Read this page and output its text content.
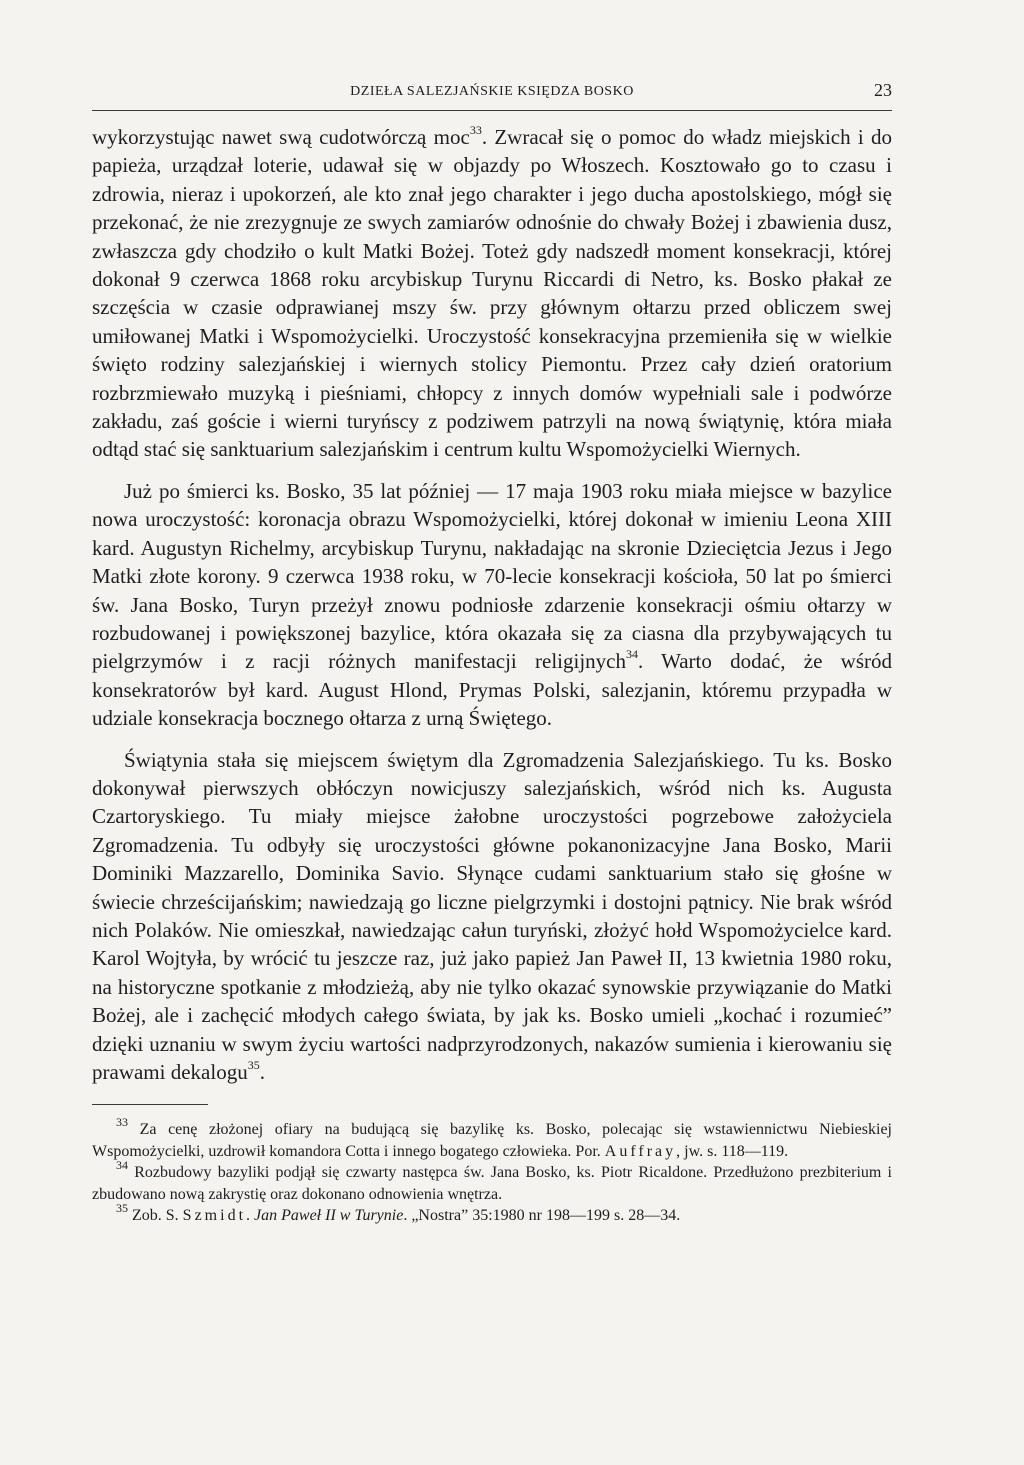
DZIEŁA SALEZJAŃSKIE KSIĘDZA BOSKO	23

wykorzystując nawet swą cudotwórczą moc$^{33}$. Zwracał się o pomoc do władz miejskich i do papieża, urządzał loterie, udawał się w objazdy po Włoszech. Kosztowało go to czasu i zdrowia, nieraz i upokorzeń, ale kto znał jego charakter i jego ducha apostolskiego, mógł się przekonać, że nie zrezygnuje ze swych zamiarów odnośnie do chwały Bożej i zbawienia dusz, zwłaszcza gdy chodziło o kult Matki Bożej. Toteż gdy nadszedł moment konsekracji, której dokonał 9 czerwca 1868 roku arcybiskup Turynu Riccardi di Netro, ks. Bosko płakał ze szczęścia w czasie odprawianej mszy św. przy głównym ołtarzu przed obliczem swej umiłowanej Matki i Wspomożycielki. Uroczystość konsekracyjna przemieniła się w wielkie święto rodziny salezjańskiej i wiernych stolicy Piemontu. Przez cały dzień oratorium rozbrzmiewało muzyką i pieśniami, chłopcy z innych domów wypełniali sale i podwórze zakładu, zaś goście i wierni turyńscy z podziwem patrzyli na nową świątynię, która miała odtąd stać się sanktuarium salezjańskim i centrum kultu Wspomożycielki Wiernych.

Już po śmierci ks. Bosko, 35 lat później — 17 maja 1903 roku miała miejsce w bazylice nowa uroczystość: koronacja obrazu Wspomożycielki, której dokonał w imieniu Leona XIII kard. Augustyn Richelmy, arcybiskup Turynu, nakładając na skronie Dzieciętcia Jezus i Jego Matki złote korony. 9 czerwca 1938 roku, w 70-lecie konsekracji kościoła, 50 lat po śmierci św. Jana Bosko, Turyn przeżył znowu podniosłe zdarzenie konsekracji ośmiu ołtarzy w rozbudowanej i powiększonej bazylice, która okazała się za ciasna dla przybywających tu pielgrzymów i z racji różnych manifestacji religijnych$^{34}$. Warto dodać, że wśród konsekratorów był kard. August Hlond, Prymas Polski, salezjanin, któremu przypadła w udziale konsekracja bocznego ołtarza z urną Świętego.

Świątynia stała się miejscem świętym dla Zgromadzenia Salezjańskiego. Tu ks. Bosko dokonywał pierwszych obłóczyn nowicjuszy salezjańskich, wśród nich ks. Augusta Czartoryskiego. Tu miały miejsce żałobne uroczystości pogrzebowe założyciela Zgromadzenia. Tu odbyły się uroczystości główne pokanonizacyjne Jana Bosko, Marii Dominiki Mazzarello, Dominika Savio. Słynące cudami sanktuarium stało się głośne w świecie chrześcijańskim; nawiedzają go liczne pielgrzymki i dostojni pątnicy. Nie brak wśród nich Polaków. Nie omieszkał, nawiedzając całun turyński, złożyć hołd Wspomożycielce kard. Karol Wojtyła, by wrócić tu jeszcze raz, już jako papież Jan Paweł II, 13 kwietnia 1980 roku, na historyczne spotkanie z młodzieżą, aby nie tylko okazać synowskie przywiązanie do Matki Bożej, ale i zachęcić młodych całego świata, by jak ks. Bosko umieli „kochać i rozumieć” dzięki uznaniu w swym życiu wartości nadprzyrodzonych, nakazów sumienia i kierowaniu się prawami dekalogu$^{35}$.

$^{33}$ Za cenę złożonej ofiary na budującą się bazylikę ks. Bosko, polecając się wstawiennictwu Niebieskiej Wspomożycielki, uzdrowił komandora Cotta i innego bogatego człowieka. Por. Auffray, jw. s. 118—119.

$^{34}$ Rozbudowy bazyliki podjął się czwarty następca św. Jana Bosko, ks. Piotr Ricaldone. Przedłużono prezbiterium i zbudowano nową zakrystię oraz dokonano odnowienia wnętrza.

$^{35}$ Zob. S. Szmidt. Jan Paweł II w Turynie. „Nostra” 35:1980 nr 198—199 s. 28—34.
